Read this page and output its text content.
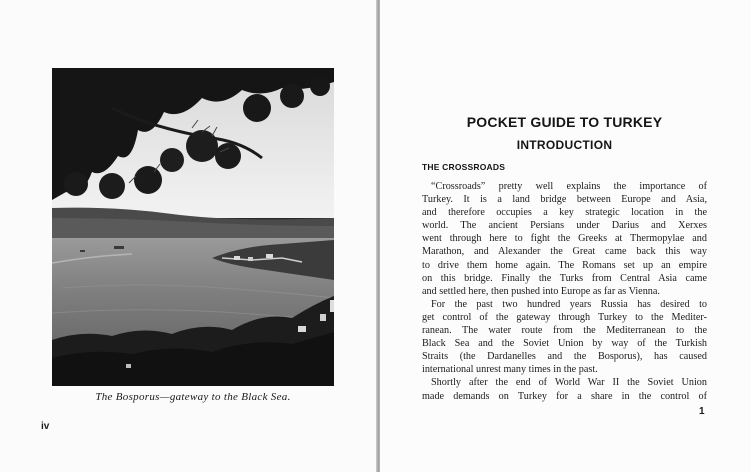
The Bosporus—gateway to the Black Sea.
iv
POCKET GUIDE TO TURKEY
INTRODUCTION
THE CROSSROADS
“Crossroads” pretty well explains the importance of
Turkey. It is a land bridge between Europe and Asia,
and therefore occupies a key strategic location in the
world. The ancient Persians under Darius and Xerxes
went through here to fight the Greeks at Thermopylae and
Marathon, and Alexander the Great came back this way
to drive them home again. The Romans set up an empire
on this bridge. Finally the Turks from Central Asia came
and settled here, then pushed into Europe as far as Vienna.
For the past two hundred years Russia has desired to
get control of the gateway through Turkey to the Mediter-
ranean. The water route from the Mediterranean to the
Black Sea and the Soviet Union by way of the Turkish
Straits (the Dardanelles and the Bosporus), has caused
international unrest many times in the past.
Shortly after the end of World War II the Soviet Union
made demands on Turkey for a share in the control of
1
